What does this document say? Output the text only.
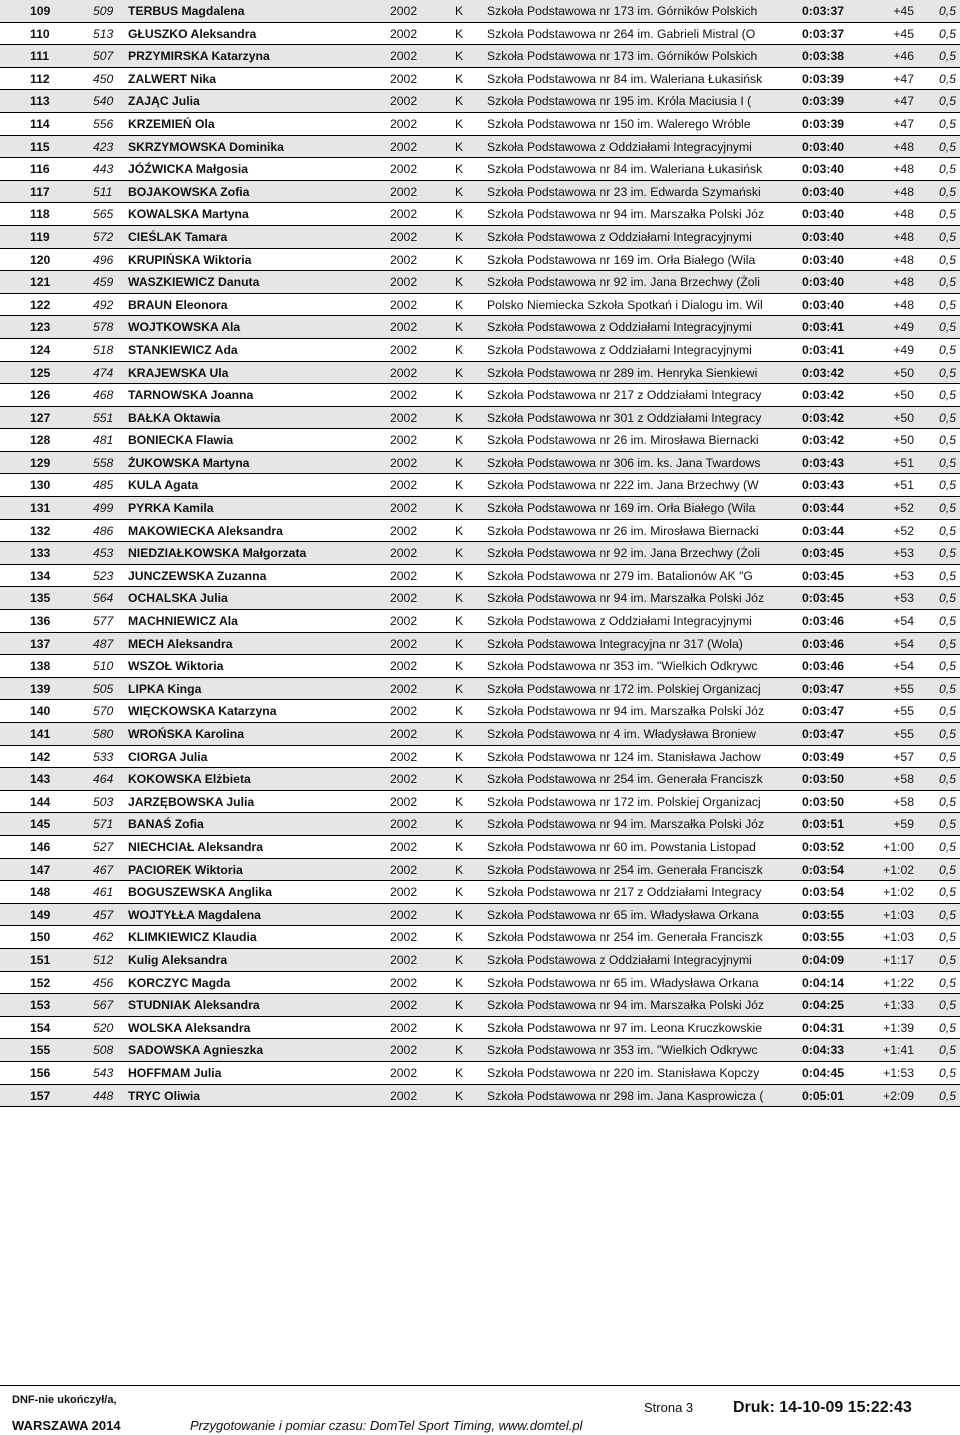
109	509	TERBUS Magdalena	2002	K	Szkoła Podstawowa nr 173 im. Górników Polskich	0:03:37	+45	0,5
110	513	GŁUSZKO Aleksandra	2002	K	Szkoła Podstawowa nr 264 im. Gabrieli Mistral (O	0:03:37	+45	0,5
111	507	PRZYMIRSKA Katarzyna	2002	K	Szkoła Podstawowa nr 173 im. Górników Polskich	0:03:38	+46	0,5
112	450	ZALWERT Nika	2002	K	Szkoła Podstawowa nr 84 im. Waleriana Łukasińsk	0:03:39	+47	0,5
113	540	ZAJĄC Julia	2002	K	Szkoła Podstawowa nr 195 im. Króla Maciusia I (	0:03:39	+47	0,5
114	556	KRZEMIEŃ Ola	2002	K	Szkoła Podstawowa nr 150 im. Walerego Wróble	0:03:39	+47	0,5
115	423	SKRZYMOWSKA Dominika	2002	K	Szkoła Podstawowa z Oddziałami Integracyjnymi	0:03:40	+48	0,5
116	443	JÓŹWICKA Małgosia	2002	K	Szkoła Podstawowa nr 84 im. Waleriana Łukasińsk	0:03:40	+48	0,5
117	511	BOJAKOWSKA Zofia	2002	K	Szkoła Podstawowa nr 23 im. Edwarda Szymański	0:03:40	+48	0,5
118	565	KOWALSKA Martyna	2002	K	Szkoła Podstawowa nr 94 im. Marszałka Polski Józ	0:03:40	+48	0,5
119	572	CIEŚLAK Tamara	2002	K	Szkoła Podstawowa z Oddziałami Integracyjnymi	0:03:40	+48	0,5
120	496	KRUPIŃSKA Wiktoria	2002	K	Szkoła Podstawowa nr 169 im. Orła Białego (Wila	0:03:40	+48	0,5
121	459	WASZKIEWICZ Danuta	2002	K	Szkoła Podstawowa nr 92 im. Jana Brzechwy (Żoli	0:03:40	+48	0,5
122	492	BRAUN Eleonora	2002	K	Polsko Niemiecka Szkoła Spotkań i Dialogu im. Wil	0:03:40	+48	0,5
123	578	WOJTKOWSKA Ala	2002	K	Szkoła Podstawowa z Oddziałami Integracyjnymi	0:03:41	+49	0,5
124	518	STANKIEWICZ Ada	2002	K	Szkoła Podstawowa z Oddziałami Integracyjnymi	0:03:41	+49	0,5
125	474	KRAJEWSKA Ula	2002	K	Szkoła Podstawowa nr 289 im. Henryka Sienkiewi	0:03:42	+50	0,5
126	468	TARNOWSKA Joanna	2002	K	Szkoła Podstawowa nr 217 z Oddziałami Integracy	0:03:42	+50	0,5
127	551	BAŁKA Oktawia	2002	K	Szkoła Podstawowa nr 301 z Oddziałami Integracy	0:03:42	+50	0,5
128	481	BONIECKA Flawia	2002	K	Szkoła Podstawowa nr 26 im. Mirosława Biernacki	0:03:42	+50	0,5
129	558	ŻUKOWSKA Martyna	2002	K	Szkoła Podstawowa nr 306 im. ks. Jana Twardows	0:03:43	+51	0,5
130	485	KULA Agata	2002	K	Szkoła Podstawowa nr 222 im. Jana Brzechwy (W	0:03:43	+51	0,5
131	499	PYRKA Kamila	2002	K	Szkoła Podstawowa nr 169 im. Orła Białego (Wila	0:03:44	+52	0,5
132	486	MAKOWIECKA Aleksandra	2002	K	Szkoła Podstawowa nr 26 im. Mirosława Biernacki	0:03:44	+52	0,5
133	453	NIEDZIAŁKOWSKA Małgorzata	2002	K	Szkoła Podstawowa nr 92 im. Jana Brzechwy (Żoli	0:03:45	+53	0,5
134	523	JUNCZEWSKA Zuzanna	2002	K	Szkoła Podstawowa nr 279 im. Batalionów AK "G	0:03:45	+53	0,5
135	564	OCHALSKA Julia	2002	K	Szkoła Podstawowa nr 94 im. Marszałka Polski Józ	0:03:45	+53	0,5
136	577	MACHNIEWICZ Ala	2002	K	Szkoła Podstawowa z Oddziałami Integracyjnymi	0:03:46	+54	0,5
137	487	MECH Aleksandra	2002	K	Szkoła Podstawowa Integracyjna nr 317 (Wola)	0:03:46	+54	0,5
138	510	WSZOŁ Wiktoria	2002	K	Szkoła Podstawowa nr 353 im. "Wielkich Odkrywc	0:03:46	+54	0,5
139	505	LIPKA Kinga	2002	K	Szkoła Podstawowa nr 172 im. Polskiej Organizacj	0:03:47	+55	0,5
140	570	WIĘCKOWSKA Katarzyna	2002	K	Szkoła Podstawowa nr 94 im. Marszałka Polski Józ	0:03:47	+55	0,5
141	580	WROŃSKA Karolina	2002	K	Szkoła Podstawowa nr 4 im. Władysława Broniew	0:03:47	+55	0,5
142	533	CIORGA Julia	2002	K	Szkoła Podstawowa nr 124 im. Stanisława Jachow	0:03:49	+57	0,5
143	464	KOKOWSKA Elżbieta	2002	K	Szkoła Podstawowa nr 254 im. Generała Franciszk	0:03:50	+58	0,5
144	503	JARZĘBOWSKA Julia	2002	K	Szkoła Podstawowa nr 172 im. Polskiej Organizacj	0:03:50	+58	0,5
145	571	BANAŚ Zofia	2002	K	Szkoła Podstawowa nr 94 im. Marszałka Polski Józ	0:03:51	+59	0,5
146	527	NIECHCIAŁ Aleksandra	2002	K	Szkoła Podstawowa nr 60 im. Powstania Listopad	0:03:52	+1:00	0,5
147	467	PACIOREK Wiktoria	2002	K	Szkoła Podstawowa nr 254 im. Generała Franciszk	0:03:54	+1:02	0,5
148	461	BOGUSZEWSKA Anglika	2002	K	Szkoła Podstawowa nr 217 z Oddziałami Integracy	0:03:54	+1:02	0,5
149	457	WOJTYŁŁA Magdalena	2002	K	Szkoła Podstawowa nr 65 im. Władysława Orkana	0:03:55	+1:03	0,5
150	462	KLIMKIEWICZ Klaudia	2002	K	Szkoła Podstawowa nr 254 im. Generała Franciszk	0:03:55	+1:03	0,5
151	512	Kulig Aleksandra	2002	K	Szkoła Podstawowa z Oddziałami Integracyjnymi	0:04:09	+1:17	0,5
152	456	KORCZYC Magda	2002	K	Szkoła Podstawowa nr 65 im. Władysława Orkana	0:04:14	+1:22	0,5
153	567	STUDNIAK Aleksandra	2002	K	Szkoła Podstawowa nr 94 im. Marszałka Polski Józ	0:04:25	+1:33	0,5
154	520	WOLSKA Aleksandra	2002	K	Szkoła Podstawowa nr 97 im. Leona Kruczkowskie	0:04:31	+1:39	0,5
155	508	SADOWSKA Agnieszka	2002	K	Szkoła Podstawowa nr 353 im. "Wielkich Odkrywc	0:04:33	+1:41	0,5
156	543	HOFFMAM Julia	2002	K	Szkoła Podstawowa nr 220 im. Stanisława Kopczy	0:04:45	+1:53	0,5
157	448	TRYC Oliwia	2002	K	Szkoła Podstawowa nr 298 im. Jana Kasprowicza (	0:05:01	+2:09	0,5
DNF-nie ukończył/a,
WARSZAWA 2014	Przygotowanie i pomiar czasu: DomTel Sport Timing, www.domtel.pl
Strona 3 Druk: 14-10-09 15:22:43
